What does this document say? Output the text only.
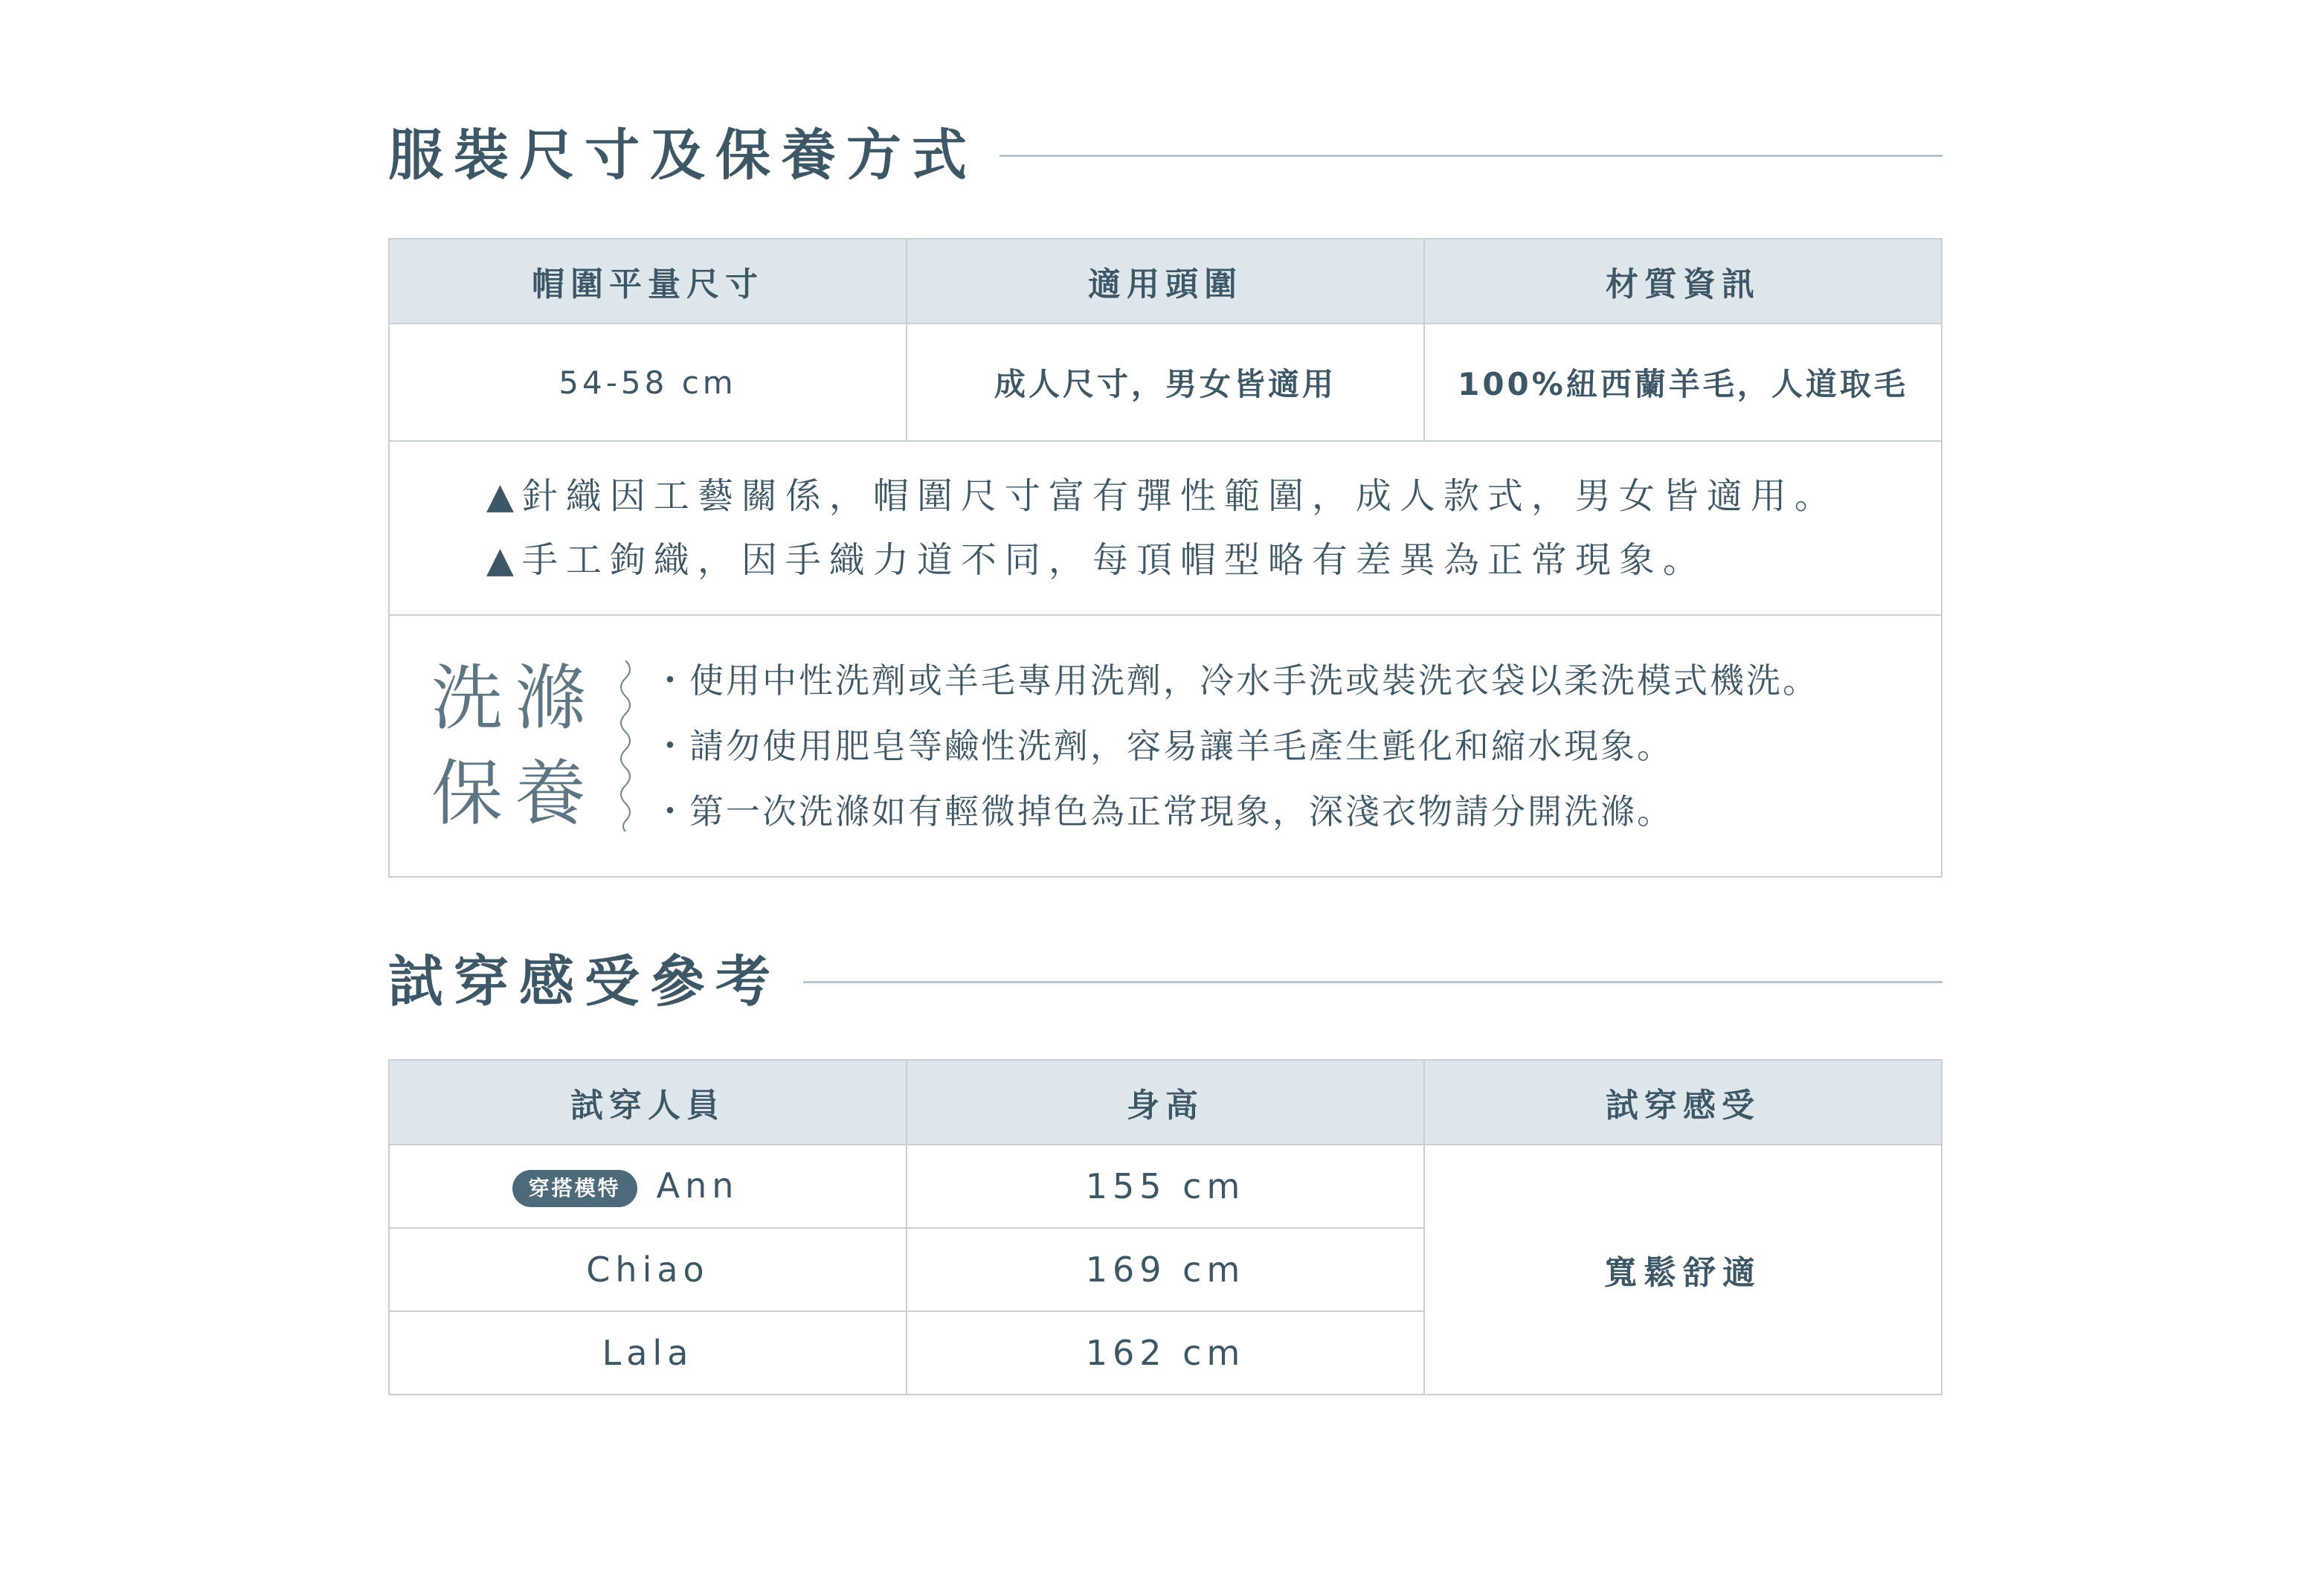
服裝尺寸及保養方式
帽圍平量尺寸	適用頭圍	材質資訊
54-58 cm	成人尺寸，男女皆適用	100%紐西蘭羊毛，人道取毛

▲針織因工藝關係，帽圍尺寸富有彈性範圍，成人款式，男女皆適用。
▲手工鉤織，因手織力道不同，每頂帽型略有差異為正常現象。		

洗滌
保養
・使用中性洗劑或羊毛專用洗劑，冷水手洗或裝洗衣袋以柔洗模式機洗。
・請勿使用肥皂等鹼性洗劑，容易讓羊毛產生氈化和縮水現象。
・第一次洗滌如有輕微掉色為正常現象，深淺衣物請分開洗滌。		
試穿感受參考
試穿人員	身高	試穿感受
穿搭模特 Ann	155 cm	寬鬆舒適
Chiao	169 cm	
Lala	162 cm	
